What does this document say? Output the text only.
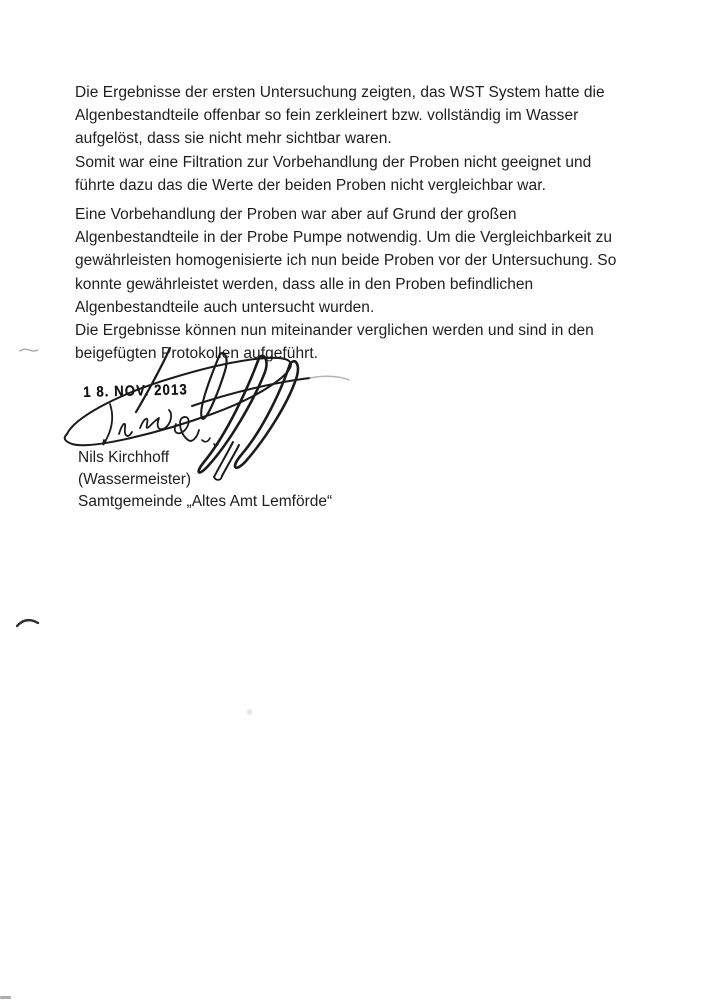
Die Ergebnisse der ersten Untersuchung zeigten, das WST System hatte die
Algenbestandteile offenbar so fein zerkleinert bzw. vollständig im Wasser
aufgelöst, dass sie nicht mehr sichtbar waren.
Somit war eine Filtration zur Vorbehandlung der Proben nicht geeignet und
führte dazu das die Werte der beiden Proben nicht vergleichbar war.
Eine Vorbehandlung der Proben war aber auf Grund der großen
Algenbestandteile in der Probe Pumpe notwendig. Um die Vergleichbarkeit zu
gewährleisten homogenisierte ich nun beide Proben vor der Untersuchung. So
konnte gewährleistet werden, dass alle in den Proben befindlichen
Algenbestandteile auch untersucht wurden.
Die Ergebnisse können nun miteinander verglichen werden und sind in den
beigefügten Protokollen aufgeführt.
1 8. NOV. 2013
Nils Kirchhoff
(Wassermeister)
Samtgemeinde „Altes Amt Lemförde“
